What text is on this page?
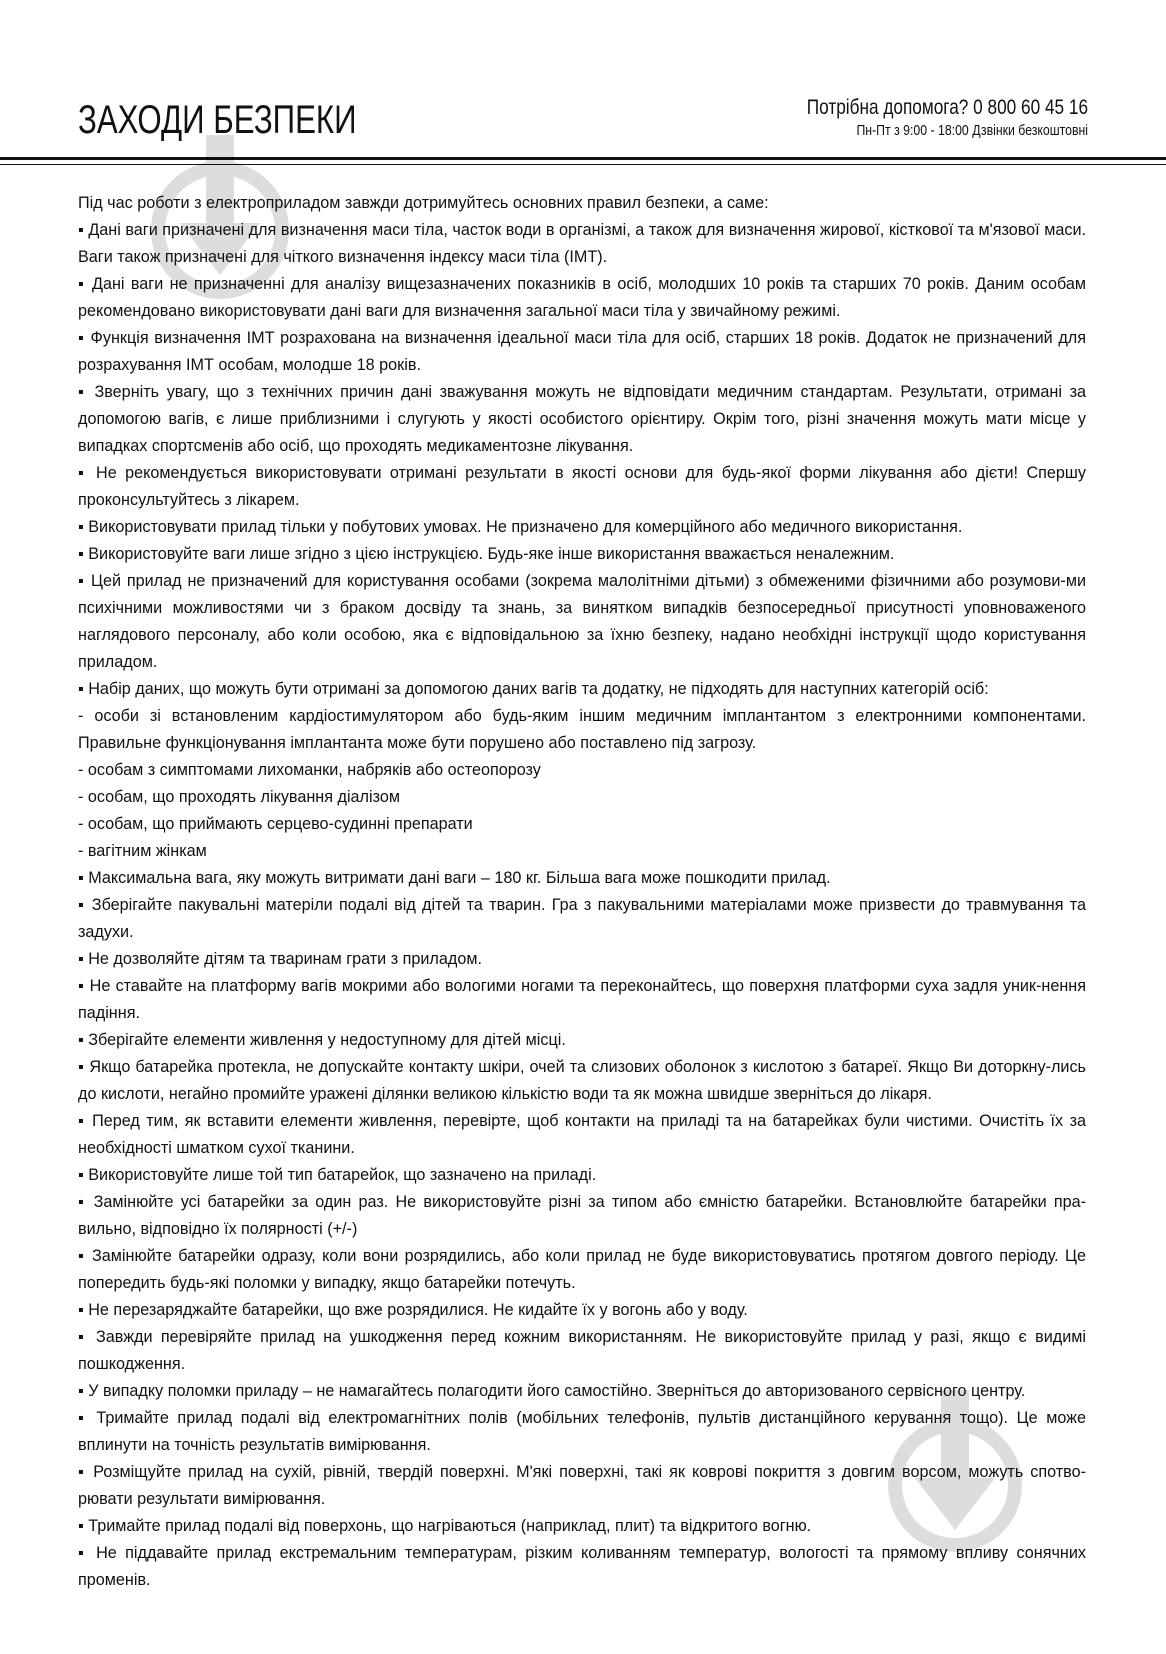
ЗАХОДИ БЕЗПЕКИ	Потрібна допомога? 0 800 60 45 16
Пн-Пт з 9:00 - 18:00 Дзвінки безкоштовні

Під час роботи з електроприладом завжди дотримуйтесь основних правил безпеки, а саме:

▪ Дані ваги призначені для визначення маси тіла, часток води в організмі, а також для визначення жирової, кісткової та м'язової маси. Ваги також призначені для чіткого визначення індексу маси тіла (ІМТ).

▪ Дані ваги не призначенні для аналізу вищезазначених показників в осіб, молодших 10 років та старших 70 років. Даним особам рекомендовано використовувати дані ваги для визначення загальної маси тіла у звичайному режимі.

▪ Функція визначення ІМТ розрахована на визначення ідеальної маси тіла для осіб, старших 18 років. Додаток не призначений для розрахування ІМТ особам, молодше 18 років.

▪ Зверніть увагу, що з технічних причин дані зважування можуть не відповідати медичним стандартам. Результати, отримані за допомогою вагів, є лише приблизними і слугують у якості особистого орієнтиру. Окрім того, різні значення можуть мати місце у випадках спортсменів або осіб, що проходять медикаментозне лікування.

▪ Не рекомендується використовувати отримані результати в якості основи для будь-якої форми лікування або дієти! Спершу проконсультуйтесь з лікарем.

▪ Використовувати прилад тільки у побутових умовах. Не призначено для комерційного або медичного використання.

▪ Використовуйте ваги лише згідно з цією інструкцією. Будь-яке інше використання вважається неналежним.

▪ Цей прилад не призначений для користування особами (зокрема малолітніми дітьми) з обмеженими фізичними або розумови-ми психічними можливостями чи з браком досвіду та знань, за винятком випадків безпосередньої присутності уповноваженого наглядового персоналу, або коли особою, яка є відповідальною за їхню безпеку, надано необхідні інструкції щодо користування приладом.

▪ Набір даних, що можуть бути отримані за допомогою даних вагів та додатку, не підходять для наступних категорій осіб:

- особи зі встановленим кардіостимулятором або будь-яким іншим медичним імплантантом з електронними компонентами. Правильне функціонування імплантанта може бути порушено або поставлено під загрозу.

- особам з симптомами лихоманки, набряків або остеопорозу

- особам, що проходять лікування діалізом

- особам, що приймають серцево-судинні препарати

- вагітним жінкам

▪ Максимальна вага, яку можуть витримати дані ваги – 180 кг. Більша вага може пошкодити прилад.

▪ Зберігайте пакувальні матеріли подалі від дітей та тварин. Гра з пакувальними матеріалами може призвести до травмування та задухи.

▪ Не дозволяйте дітям та тваринам грати з приладом.

▪ Не ставайте на платформу вагів мокрими або вологими ногами та переконайтесь, що поверхня платформи суха задля уник-нення падіння.

▪ Зберігайте елементи живлення у недоступному для дітей місці.

▪ Якщо батарейка протекла, не допускайте контакту шкіри, очей та слизових оболонок з кислотою з батареї. Якщо Ви доторкну-лись до кислоти, негайно промийте уражені ділянки великою кількістю води та як можна швидше зверніться до лікаря.

▪ Перед тим, як вставити елементи живлення, перевірте, щоб контакти на приладі та на батарейках були чистими. Очистіть їх за необхідності шматком сухої тканини.

▪ Використовуйте лише той тип батарейок, що зазначено на приладі.

▪ Замінюйте усі батарейки за один раз. Не використовуйте різні за типом або ємністю батарейки. Встановлюйте батарейки пра-вильно, відповідно їх полярності (+/-)

▪ Замінюйте батарейки одразу, коли вони розрядились, або коли прилад не буде використовуватись протягом довгого періоду. Це попередить будь-які поломки у випадку, якщо батарейки потечуть.

▪ Не перезаряджайте батарейки, що вже розрядилися. Не кидайте їх у вогонь або у воду.

▪ Завжди перевіряйте прилад на ушкодження перед кожним використанням. Не використовуйте прилад у разі, якщо є видимі пошкодження.

▪ У випадку поломки приладу – не намагайтесь полагодити його самостійно. Зверніться до авторизованого сервісного центру.

▪ Тримайте прилад подалі від електромагнітних полів (мобільних телефонів, пультів дистанційного керування тощо). Це може вплинути на точність результатів вимірювання.

▪ Розміщуйте прилад на сухій, рівній, твердій поверхні. М'які поверхні, такі як коврові покриття з довгим ворсом, можуть спотво-рювати результати вимірювання.

▪ Тримайте прилад подалі від поверхонь, що нагріваються (наприклад, плит) та відкритого вогню.

▪ Не піддавайте прилад екстремальним температурам, різким коливанням температур, вологості та прямому впливу сонячних променів.
